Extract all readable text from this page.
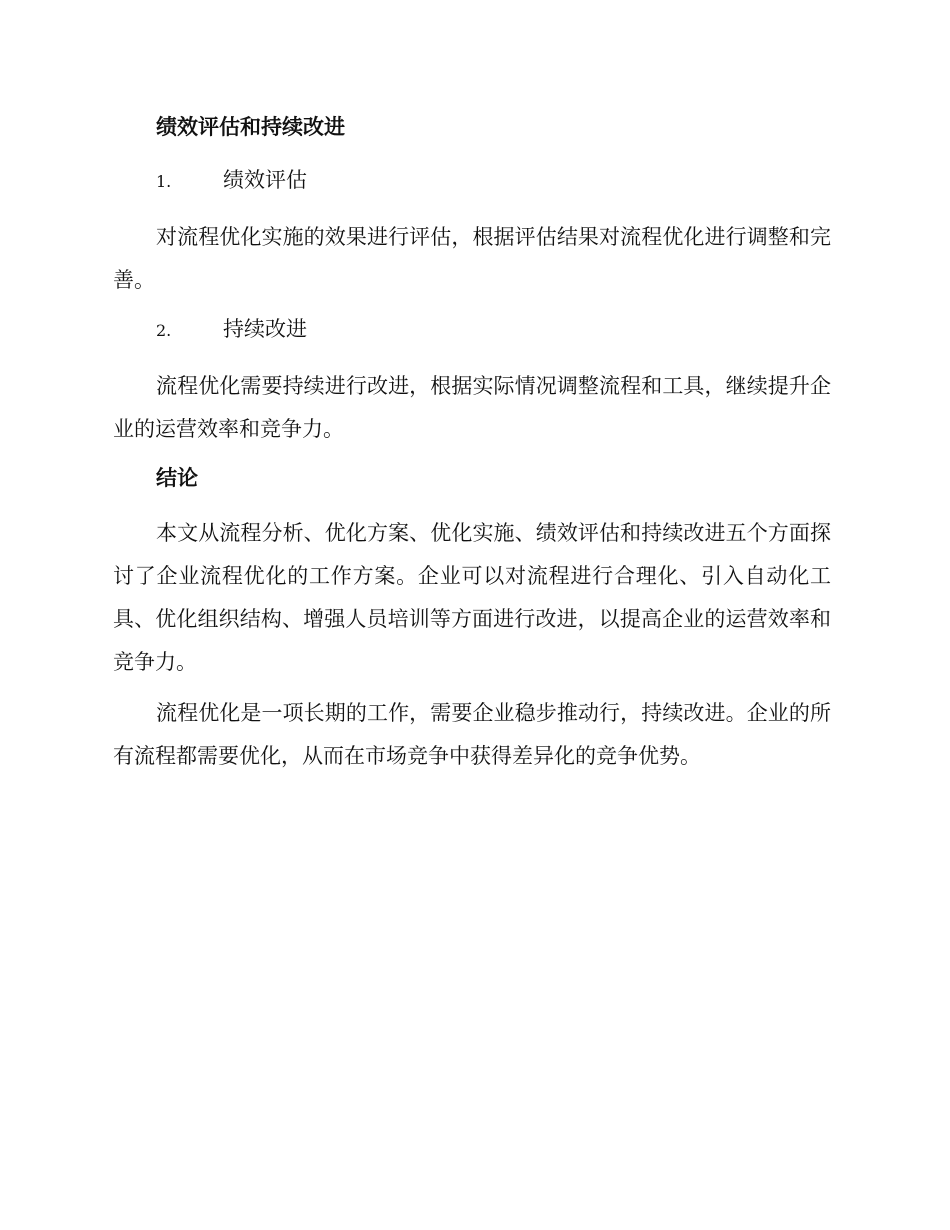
绩效评估和持续改进
1.	绩效评估

对流程优化实施的效果进行评估，根据评估结果对流程优化进行调整和完善。

2.	持续改进

流程优化需要持续进行改进，根据实际情况调整流程和工具，继续提升企业的运营效率和竞争力。

结论

本文从流程分析、优化方案、优化实施、绩效评估和持续改进五个方面探讨了企业流程优化的工作方案。企业可以对流程进行合理化、引入自动化工具、优化组织结构、增强人员培训等方面进行改进，以提高企业的运营效率和竞争力。

流程优化是一项长期的工作，需要企业稳步推动行，持续改进。企业的所有流程都需要优化，从而在市场竞争中获得差异化的竞争优势。
